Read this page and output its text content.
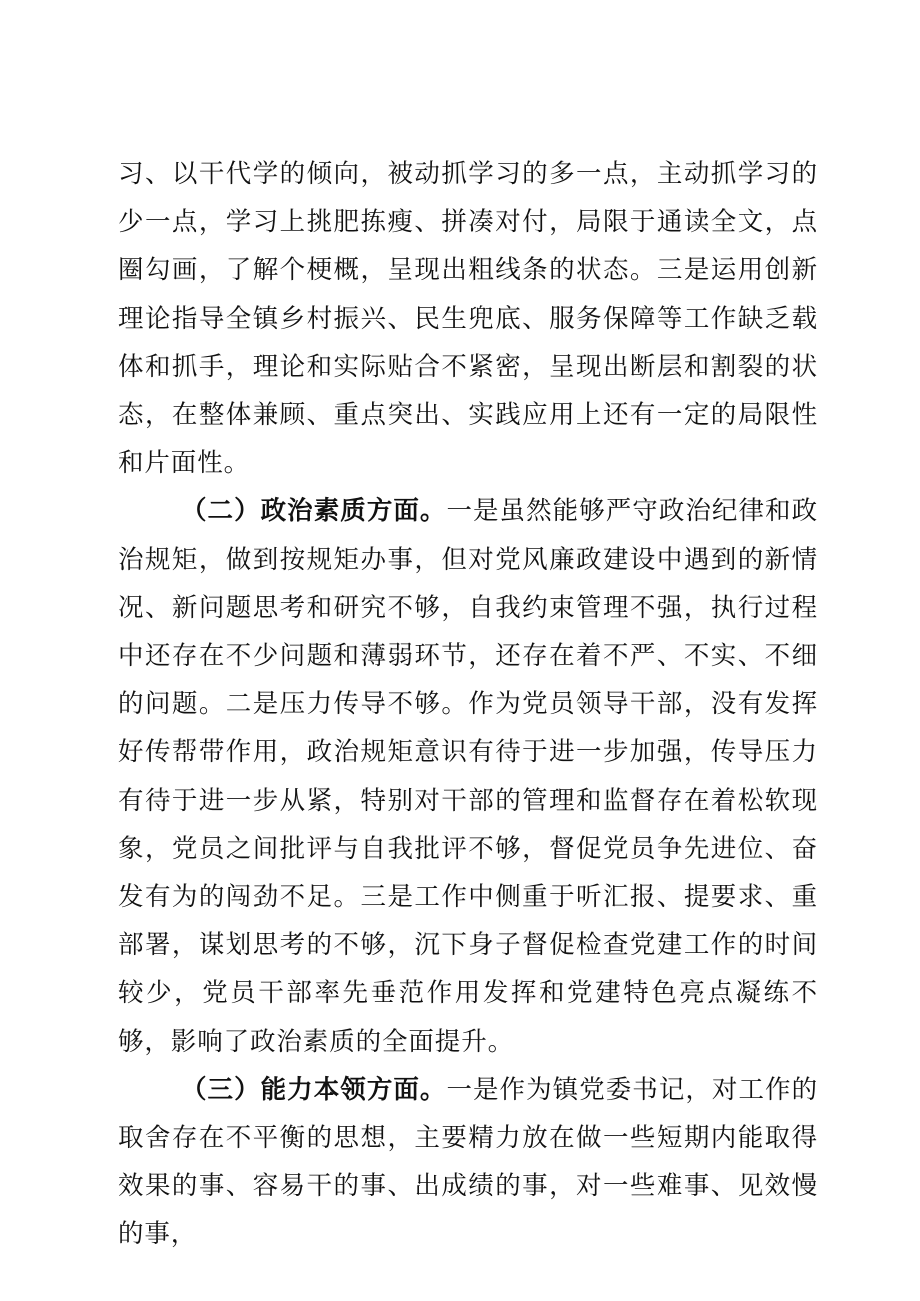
习、以干代学的倾向，被动抓学习的多一点，主动抓学习的少一点，学习上挑肥拣瘦、拼凑对付，局限于通读全文，点圈勾画，了解个梗概，呈现出粗线条的状态。三是运用创新理论指导全镇乡村振兴、民生兜底、服务保障等工作缺乏载体和抓手，理论和实际贴合不紧密，呈现出断层和割裂的状态，在整体兼顾、重点突出、实践应用上还有一定的局限性和片面性。

（二）政治素质方面。一是虽然能够严守政治纪律和政治规矩，做到按规矩办事，但对党风廉政建设中遇到的新情况、新问题思考和研究不够，自我约束管理不强，执行过程中还存在不少问题和薄弱环节，还存在着不严、不实、不细的问题。二是压力传导不够。作为党员领导干部，没有发挥好传帮带作用，政治规矩意识有待于进一步加强，传导压力有待于进一步从紧，特别对干部的管理和监督存在着松软现象，党员之间批评与自我批评不够，督促党员争先进位、奋发有为的闯劲不足。三是工作中侧重于听汇报、提要求、重部署，谋划思考的不够，沉下身子督促检查党建工作的时间较少，党员干部率先垂范作用发挥和党建特色亮点凝练不够，影响了政治素质的全面提升。

（三）能力本领方面。一是作为镇党委书记，对工作的取舍存在不平衡的思想，主要精力放在做一些短期内能取得效果的事、容易干的事、出成绩的事，对一些难事、见效慢的事，
